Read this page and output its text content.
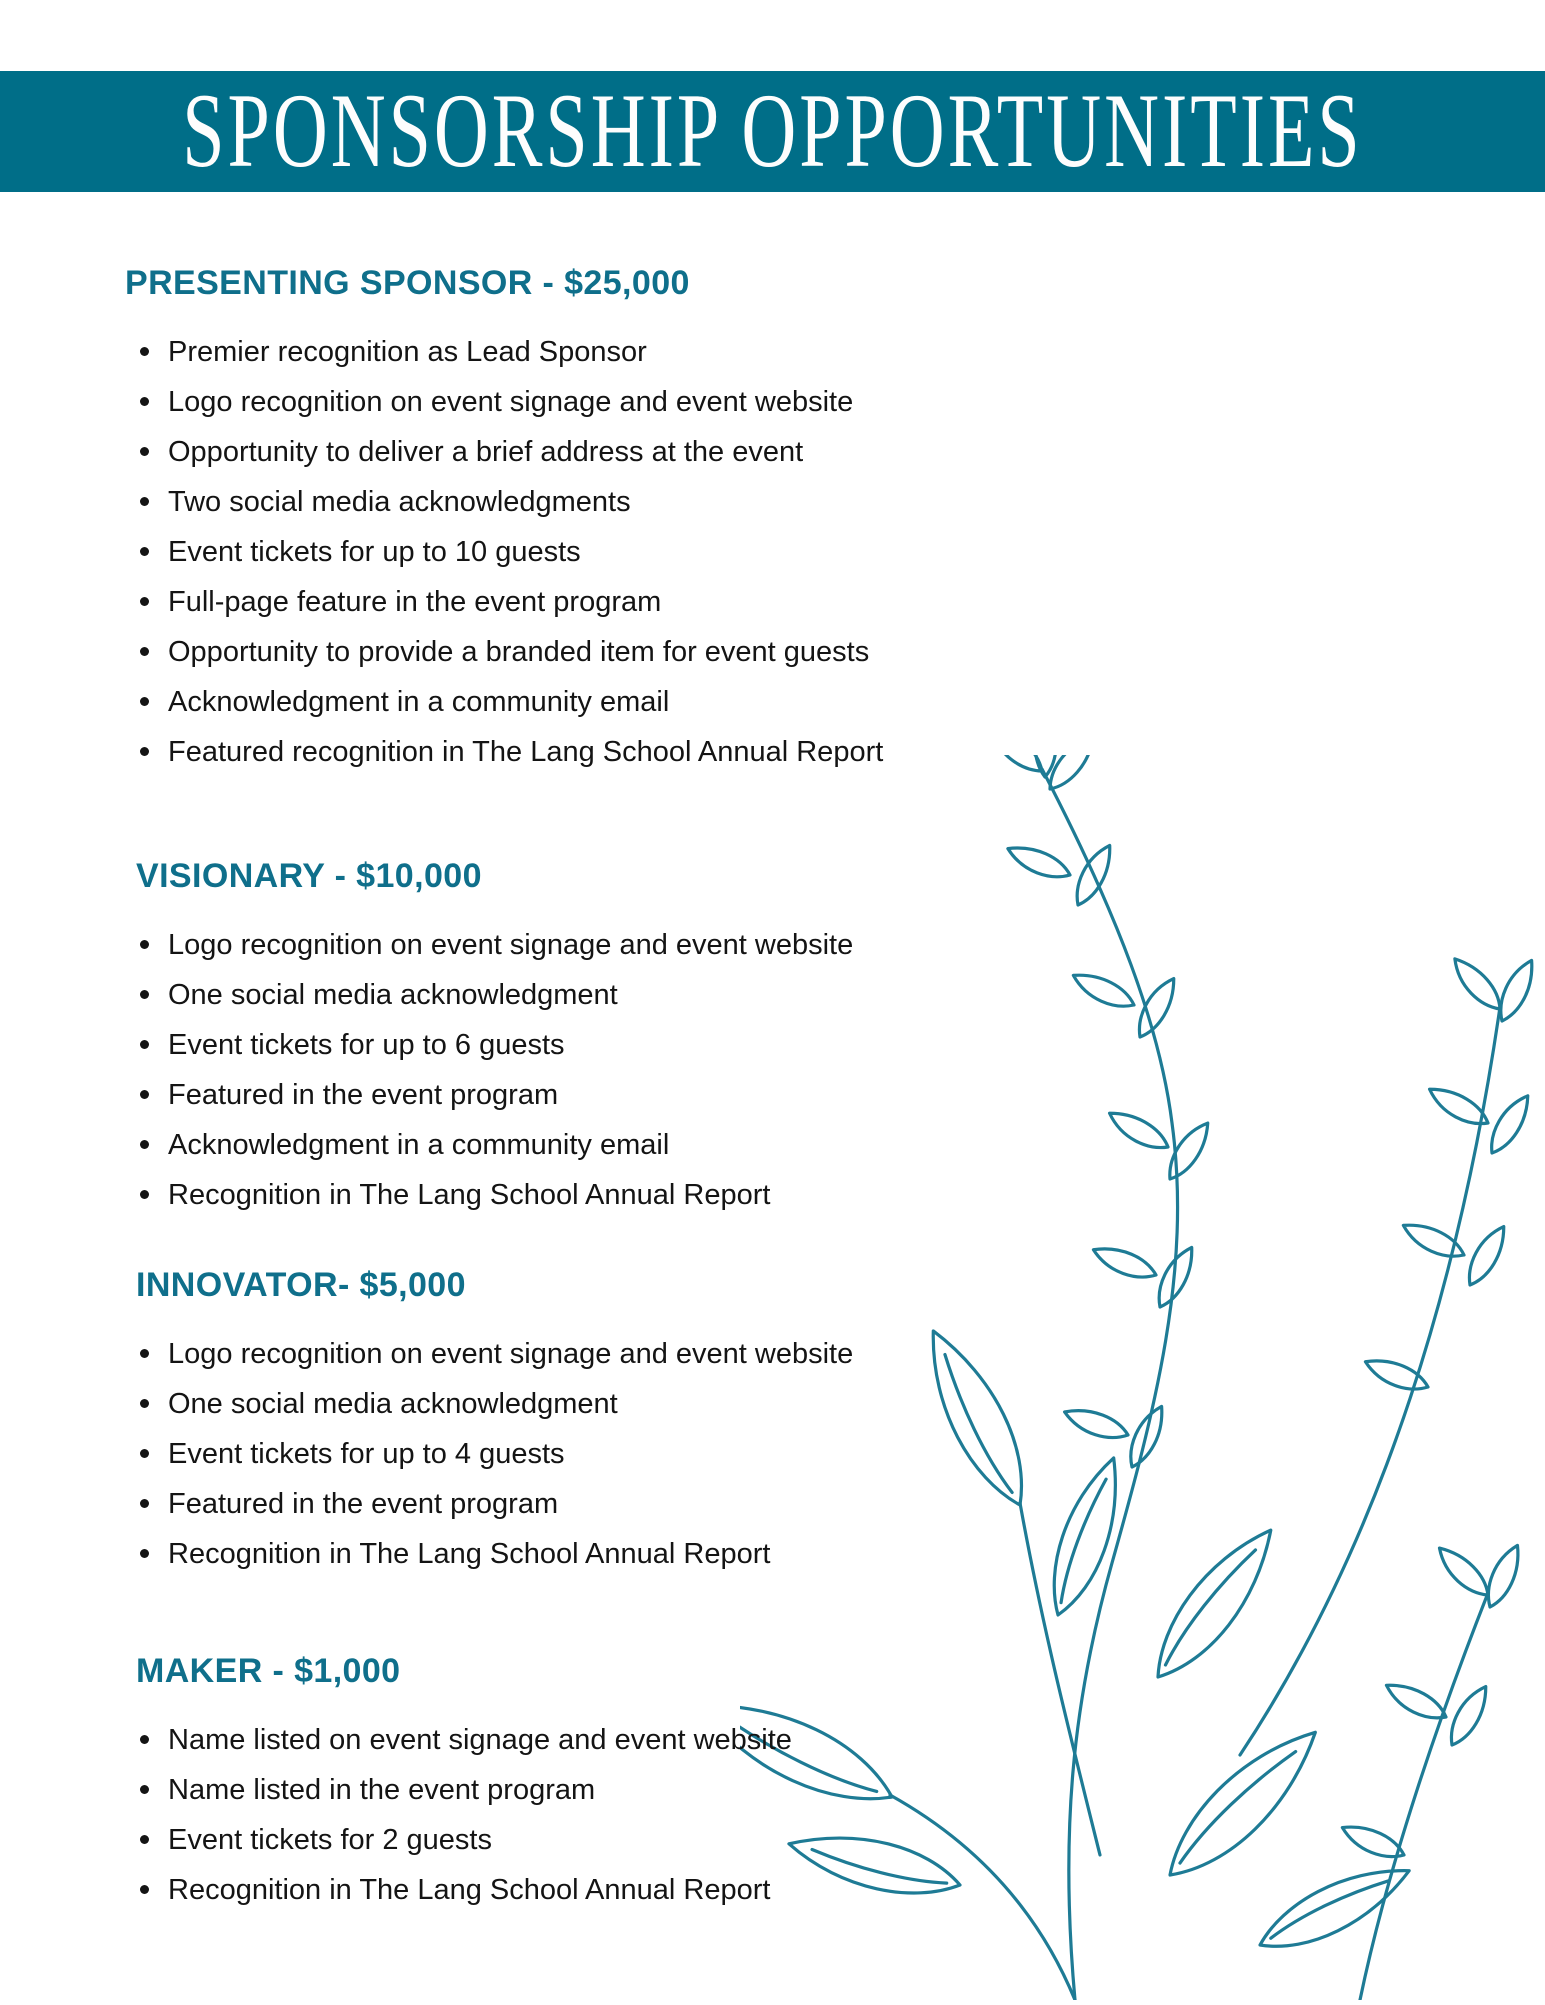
SPONSORSHIP OPPORTUNITIES
PRESENTING SPONSOR - $25,000
Premier recognition as Lead Sponsor
Logo recognition on event signage and event website
Opportunity to deliver a brief address at the event
Two social media acknowledgments
Event tickets for up to 10 guests
Full-page feature in the event program
Opportunity to provide a branded item for event guests
Acknowledgment in a community email
Featured recognition in The Lang School Annual Report
VISIONARY - $10,000
Logo recognition on event signage and event website
One social media acknowledgment
Event tickets for up to 6 guests
Featured in the event program
Acknowledgment in a community email
Recognition in The Lang School Annual Report
INNOVATOR- $5,000
Logo recognition on event signage and event website
One social media acknowledgment
Event tickets for up to 4 guests
Featured in the event program
Recognition in The Lang School Annual Report
MAKER - $1,000
Name listed on event signage and event website
Name listed in the event program
Event tickets for 2 guests
Recognition in The Lang School Annual Report
